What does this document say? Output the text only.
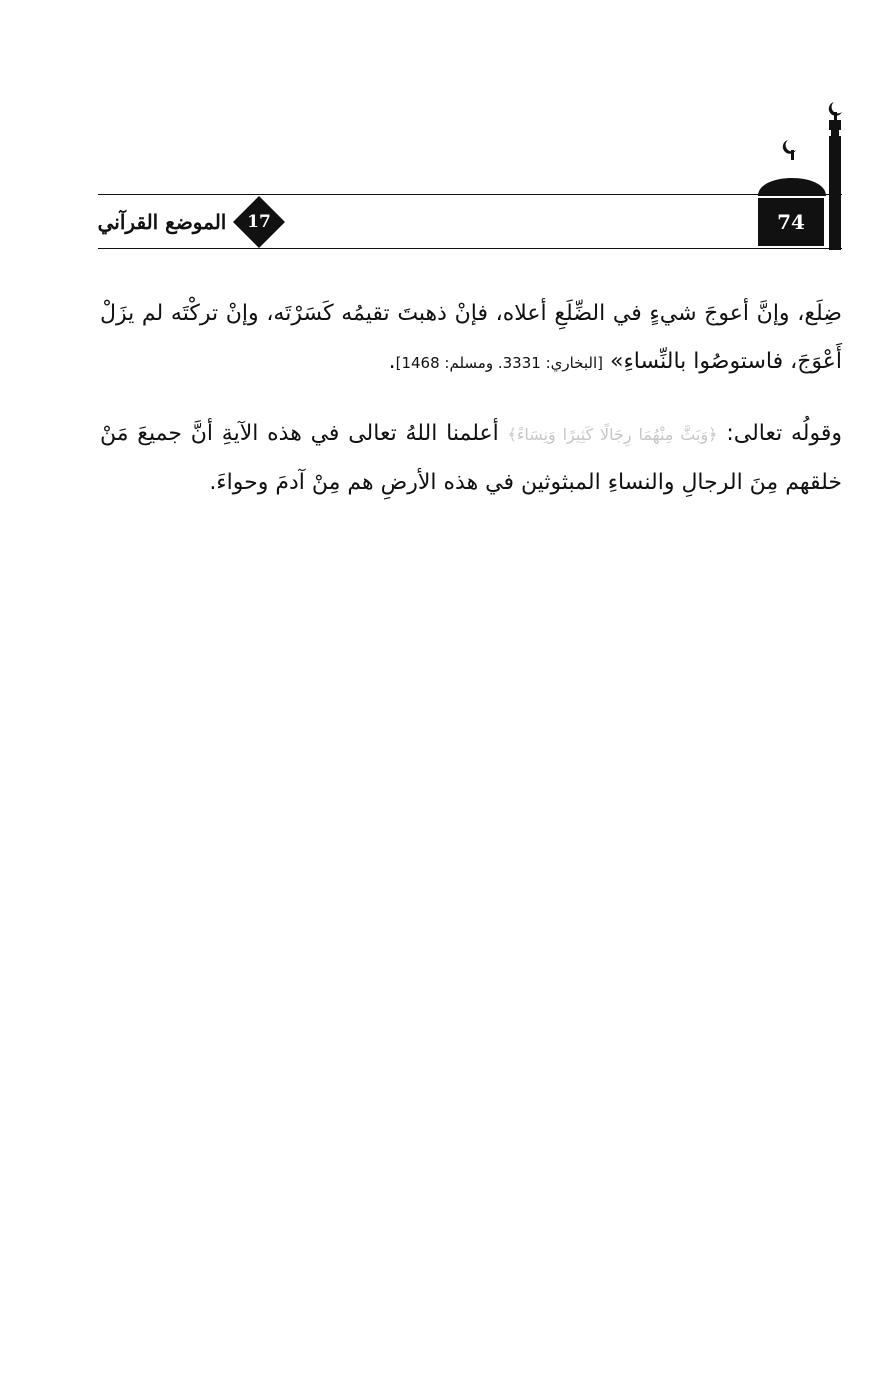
74
17
الموضع القرآني
ضِلَع، وإنَّ أعوجَ شيءٍ في الضِّلَعِ أعلاه، فإنْ ذهبتَ تقيمُه كَسَرْتَه، وإنْ تركْتَه لم يزَلْ أَعْوَجَ، فاستوصُوا بالنِّساءِ» [البخاري: 3331. ومسلم: 1468].
وقولُه تعالى: ﴿وَبَثَّ مِنْهُمَا رِجَالًا كَثِيرًا وَنِسَاءً﴾ أعلمنا اللهُ تعالى في هذه الآيةِ أنَّ جميعَ مَنْ خلقهم مِنَ الرجالِ والنساءِ المبثوثين في هذه الأرضِ هم مِنْ آدمَ وحواءَ.
